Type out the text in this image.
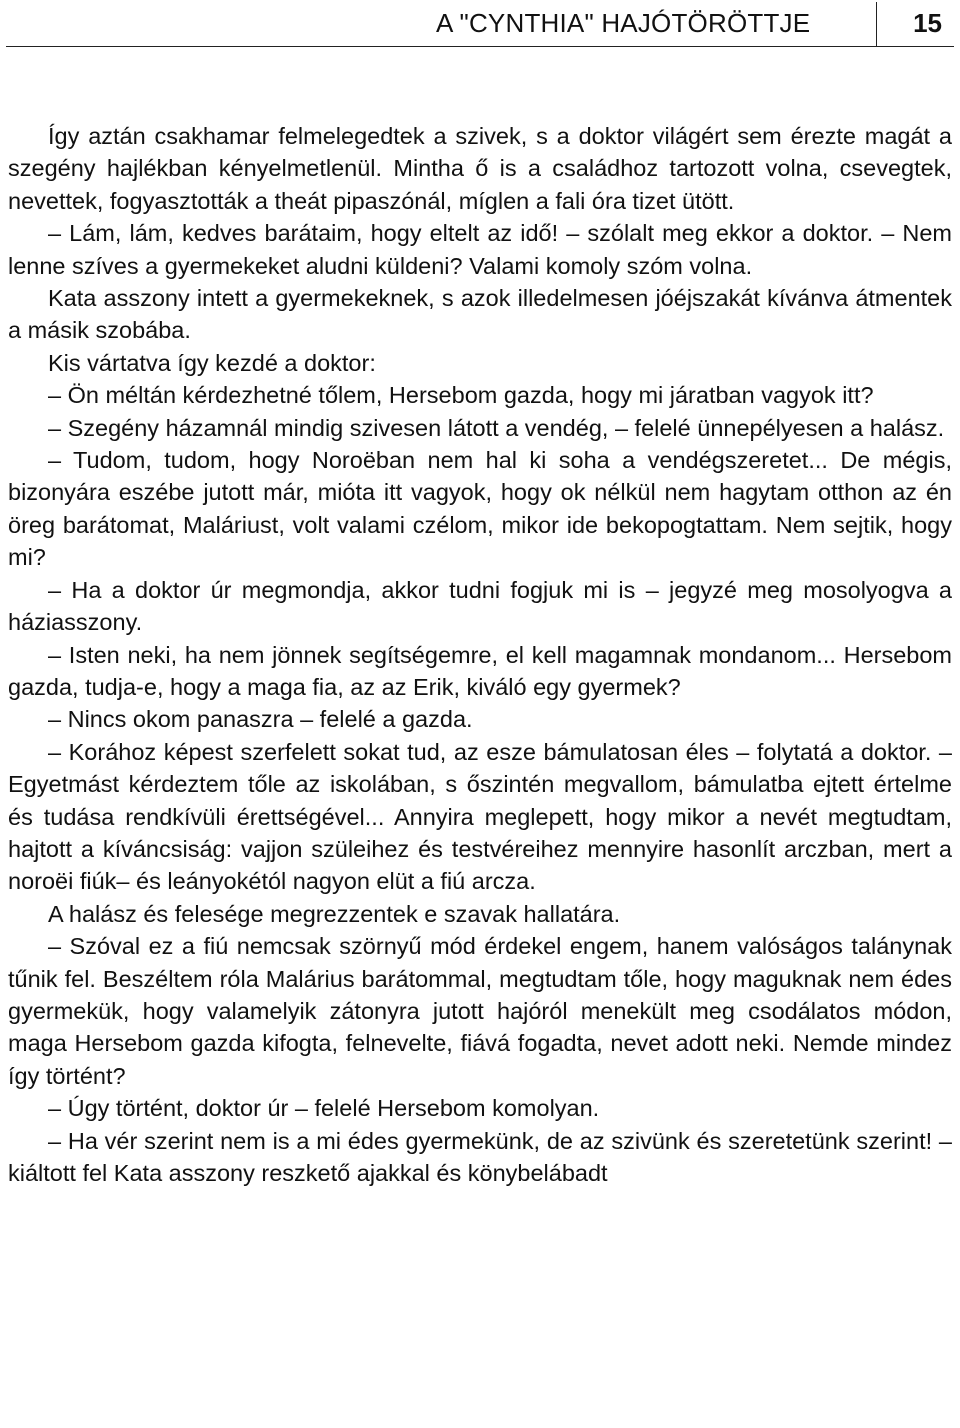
A "CYNTHIA" HAJÓTÖRÖTTJE	15

Így aztán csakhamar felmelegedtek a szivek, s a doktor világért sem érezte magát a szegény hajlékban kényelmetlenül. Mintha ő is a családhoz tartozott volna, csevegtek, nevettek, fogyasztották a theát pipaszónál, míglen a fali óra tizet ütött.

– Lám, lám, kedves barátaim, hogy eltelt az idő! – szólalt meg ekkor a doktor. – Nem lenne szíves a gyermekeket aludni küldeni? Valami komoly szóm volna.

Kata asszony intett a gyermekeknek, s azok illedelmesen jóéjszakát kívánva átmentek a másik szobába.

Kis vártatva így kezdé a doktor:

– Ön méltán kérdezhetné tőlem, Hersebom gazda, hogy mi járatban vagyok itt?

– Szegény házamnál mindig szivesen látott a vendég, – felelé ünnepélyesen a halász.

– Tudom, tudom, hogy Noroëban nem hal ki soha a vendégszeretet... De mégis, bizonyára eszébe jutott már, mióta itt vagyok, hogy ok nélkül nem hagytam otthon az én öreg barátomat, Maláriust, volt valami czélom, mikor ide bekopogtattam. Nem sejtik, hogy mi?

– Ha a doktor úr megmondja, akkor tudni fogjuk mi is – jegyzé meg mosolyogva a háziasszony.

– Isten neki, ha nem jönnek segítségemre, el kell magamnak mondanom... Hersebom gazda, tudja-e, hogy a maga fia, az az Erik, kiváló egy gyermek?

– Nincs okom panaszra – felelé a gazda.

– Korához képest szerfelett sokat tud, az esze bámulatosan éles – folytatá a doktor. – Egyetmást kérdeztem tőle az iskolában, s őszintén megvallom, bámulatba ejtett értelme és tudása rendkívüli érettségével... Annyira meglepett, hogy mikor a nevét megtudtam, hajtott a kíváncsiság: vajjon szüleihez és testvéreihez mennyire hasonlít arczban, mert a noroëi fiúk– és leányokétól nagyon elüt a fiú arcza.

A halász és felesége megrezzentek e szavak hallatára.

– Szóval ez a fiú nemcsak szörnyű mód érdekel engem, hanem valóságos talánynak tűnik fel. Beszéltem róla Malárius barátommal, megtudtam tőle, hogy maguknak nem édes gyermekük, hogy valamelyik zátonyra jutott hajóról menekült meg csodálatos módon, maga Hersebom gazda kifogta, felnevelte, fiává fogadta, nevet adott neki. Nemde mindez így történt?

– Úgy történt, doktor úr – felelé Hersebom komolyan.

– Ha vér szerint nem is a mi édes gyermekünk, de az szivünk és szeretetünk szerint! – kiáltott fel Kata asszony reszkető ajakkal és könybelábadt
